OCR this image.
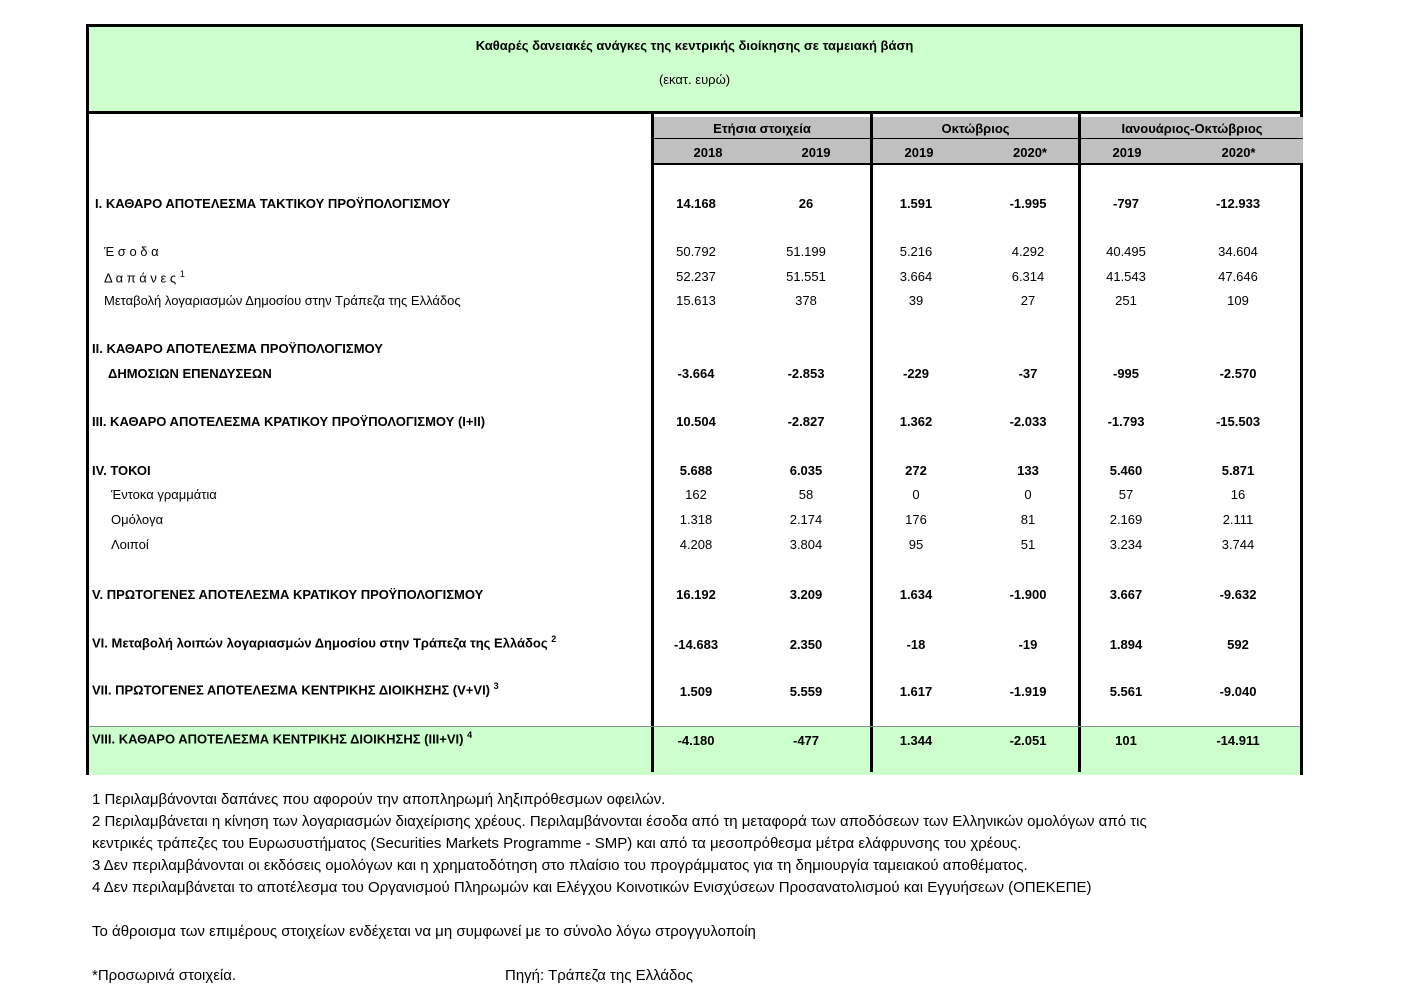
Καθαρές δανειακές ανάγκες της κεντρικής διοίκησης σε ταμειακή βάση
(εκατ. ευρώ)
Ετήσια στοιχεία
2018	2019
Οκτώβριος
2019	2020*
Ιανουάριος-Οκτώβριος
2019	2020*
I. ΚΑΘΑΡΟ ΑΠΟΤΕΛΕΣΜΑ ΤΑΚΤΙΚΟΥ ΠΡΟΫΠΟΛΟΓΙΣΜΟΥ	14.168	26	1.591	-1.995	-797	-12.933
Έ σ ο δ α	50.792	51.199	5.216	4.292	40.495	34.604
Δ α π ά ν ε ς $^1$	52.237	51.551	3.664	6.314	41.543	47.646
Μεταβολή λογαριασμών Δημοσίου στην Τράπεζα της Ελλάδος	15.613	378	39	27	251	109
II. ΚΑΘΑΡΟ ΑΠΟΤΕΛΕΣΜΑ ΠΡΟΫΠΟΛΟΓΙΣΜΟΥ
ΔΗΜΟΣΙΩΝ ΕΠΕΝΔΥΣΕΩΝ	-3.664	-2.853	-229	-37	-995	-2.570
III. ΚΑΘΑΡΟ ΑΠΟΤΕΛΕΣΜΑ ΚΡΑΤΙΚΟΥ ΠΡΟΫΠΟΛΟΓΙΣΜΟΥ (I+II)	10.504	-2.827	1.362	-2.033	-1.793	-15.503
IV. ΤΟΚΟΙ	5.688	6.035	272	133	5.460	5.871
Έντοκα γραμμάτια	162	58	0	0	57	16
Ομόλογα	1.318	2.174	176	81	2.169	2.111
Λοιποί	4.208	3.804	95	51	3.234	3.744
V. ΠΡΩΤΟΓΕΝΕΣ ΑΠΟΤΕΛΕΣΜΑ ΚΡΑΤΙΚΟΥ ΠΡΟΫΠΟΛΟΓΙΣΜΟΥ	16.192	3.209	1.634	-1.900	3.667	-9.632
VI. Μεταβολή λοιπών λογαριασμών Δημοσίου στην Τράπεζα της Ελλάδος $^2$	-14.683	2.350	-18	-19	1.894	592
VII. ΠΡΩΤΟΓΕΝΕΣ ΑΠΟΤΕΛΕΣΜΑ ΚΕΝΤΡΙΚΗΣ ΔΙΟΙΚΗΣΗΣ (V+VI) $^3$	1.509	5.559	1.617	-1.919	5.561	-9.040
VIII. ΚΑΘΑΡΟ ΑΠΟΤΕΛΕΣΜΑ ΚΕΝΤΡΙΚΗΣ ΔΙΟΙΚΗΣΗΣ (III+VI) $^4$	-4.180	-477	1.344	-2.051	101	-14.911
1 Περιλαμβάνονται δαπάνες που αφορούν την αποπληρωμή ληξιπρόθεσμων οφειλών.
2 Περιλαμβάνεται η κίνηση των λογαριασμών διαχείρισης χρέους. Περιλαμβάνονται έσοδα από τη μεταφορά των αποδόσεων των Ελληνικών ομολόγων από τις
κεντρικές τράπεζες του Ευρωσυστήματος (Securities Markets Programme - SMP) και από τα μεσοπρόθεσμα μέτρα ελάφρυνσης του χρέους.
3 Δεν περιλαμβάνονται οι εκδόσεις ομολόγων και η χρηματοδότηση στο πλαίσιο του προγράμματος για τη δημιουργία ταμειακού αποθέματος.
4 Δεν περιλαμβάνεται το αποτέλεσμα του Οργανισμού Πληρωμών και Ελέγχου Κοινοτικών Ενισχύσεων Προσανατολισμού και Εγγυήσεων (ΟΠΕΚΕΠΕ)
Το άθροισμα των επιμέρους στοιχείων ενδέχεται να μη συμφωνεί με το σύνολο λόγω στρογγυλοποίη
*Προσωρινά στοιχεία.	Πηγή: Τράπεζα της Ελλάδος
